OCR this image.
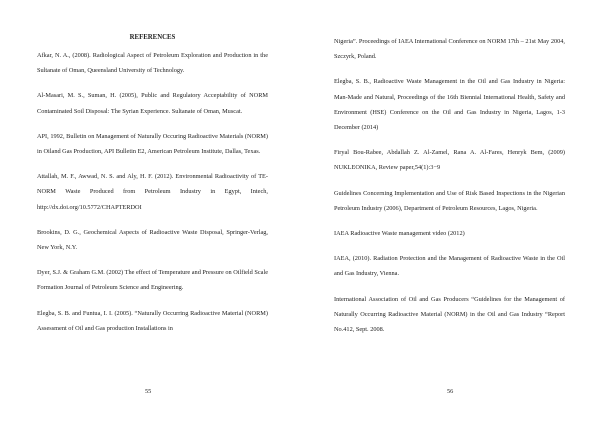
REFERENCES

Afkar, N. A., (2008). Radiological Aspect of Petroleum Exploration and Production in the Sultanate of Oman, Queensland University of Technology.

Al-Masari, M. S., Suman, H. (2005), Public and Regulatory Acceptability of NORM Contaminated Soil Disposal: The Syrian Experience. Sultanate of Oman, Muscat.

API, 1992, Bulletin on Management of Naturally Occuring Radioactive Materials (NORM) in Oiland Gas Production, API Bulletin E2, American Petroleum Institute, Dallas, Texas.

Attallah, M. F., Awwad, N. S. and Aly, H. F. (2012). Environmental Radioactivity of TE-NORM Waste Produced from Petroleum Industry in Egypt, Intech, http://dx.doi.org/10.5772/CHAPTERDOI

Brookins, D. G., Geochemical Aspects of Radioactive Waste Disposal, Springer-Verlag, New York, N.Y.

Dyer, S.J. & Graham G.M. (2002) The effect of Temperature and Pressure on Oilfield Scale Formation Journal of Petroleum Science and Engineering.

Elegba, S. B. and Funtua, I. I. (2005). “Naturally Occurring Radioactive Material (NORM) Assessment of Oil and Gas production Installations in

55

Nigeria”. Proceedings of IAEA International Conference on NORM 17th – 21st May 2004, Szczyrk, Poland.

Elegba, S. B., Radioactive Waste Management in the Oil and Gas Industry in Nigeria: Man-Made and Natural, Proceedings of the 16th Biennial International Health, Safety and Environment (HSE) Conference on the Oil and Gas Industry in Nigeria, Lagos, 1-3 December (2014)

Firyal Bou-Rabee, Abdallah Z. Al-Zamel, Rana A. Al-Fares, Henryk Bem, (2009) NUKLEONIKA, Review paper,54(1):3−9

Guidelines Concerning Implementation and Use of Risk Based Inspections in the Nigerian Petroleum Industry (2006), Department of Petroleum Resources, Lagos, Nigeria.

IAEA Radioactive Waste management video (2012)

IAEA, (2010). Radiation Protection and the Management of Radioactive Waste in the Oil and Gas Industry, Vienna.

International Association of Oil and Gas Producers “Guidelines for the Management of Naturally Occurring Radioactive Material (NORM) in the Oil and Gas Industry “Report No.412, Sept. 2008.

56
